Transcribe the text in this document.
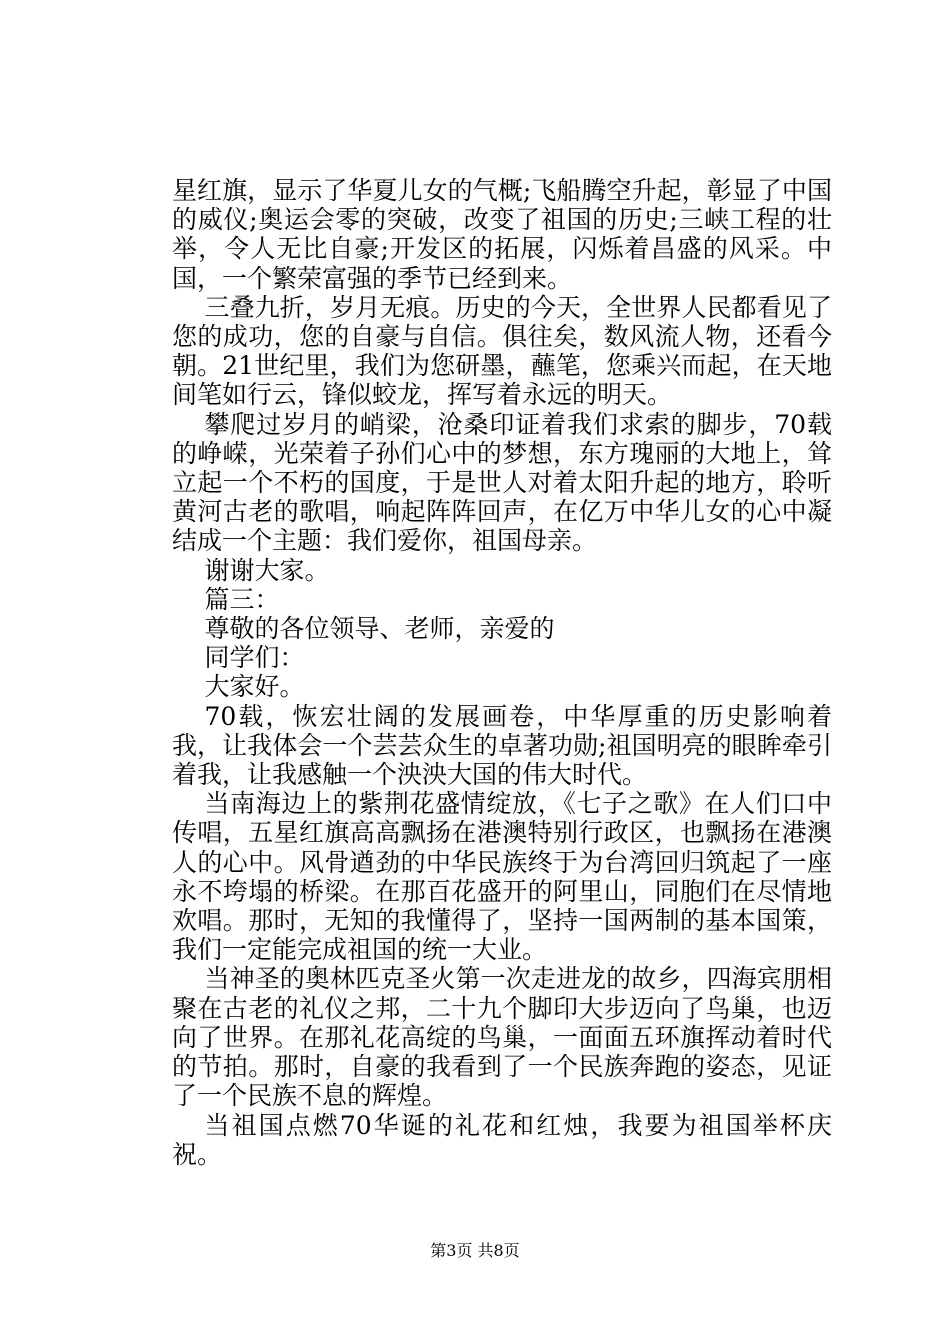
星红旗，显示了华夏儿女的气概;飞船腾空升起，彰显了中国的威仪;奥运会零的突破，改变了祖国的历史;三峡工程的壮举，令人无比自豪;开发区的拓展，闪烁着昌盛的风采。中国，一个繁荣富强的季节已经到来。

三叠九折，岁月无痕。历史的今天，全世界人民都看见了您的成功，您的自豪与自信。俱往矣，数风流人物，还看今朝。21世纪里，我们为您研墨，蘸笔，您乘兴而起，在天地间笔如行云，锋似蛟龙，挥写着永远的明天。

攀爬过岁月的峭梁，沧桑印证着我们求索的脚步，70载的峥嵘，光荣着子孙们心中的梦想，东方瑰丽的大地上，耸立起一个不朽的国度，于是世人对着太阳升起的地方，聆听黄河古老的歌唱，响起阵阵回声，在亿万中华儿女的心中凝结成一个主题：我们爱你，祖国母亲。

谢谢大家。

篇三：

尊敬的各位领导、老师，亲爱的

同学们：

大家好。

70载，恢宏壮阔的发展画卷，中华厚重的历史影响着我，让我体会一个芸芸众生的卓著功勋;祖国明亮的眼眸牵引着我，让我感触一个泱泱大国的伟大时代。

当南海边上的紫荆花盛情绽放，《七子之歌》在人们口中传唱，五星红旗高高飘扬在港澳特别行政区，也飘扬在港澳人的心中。风骨遒劲的中华民族终于为台湾回归筑起了一座永不垮塌的桥梁。在那百花盛开的阿里山，同胞们在尽情地欢唱。那时，无知的我懂得了，坚持一国两制的基本国策，我们一定能完成祖国的统一大业。

当神圣的奥林匹克圣火第一次走进龙的故乡，四海宾朋相聚在古老的礼仪之邦，二十九个脚印大步迈向了鸟巢，也迈向了世界。在那礼花高绽的鸟巢，一面面五环旗挥动着时代的节拍。那时，自豪的我看到了一个民族奔跑的姿态，见证了一个民族不息的辉煌。

当祖国点燃70华诞的礼花和红烛，我要为祖国举杯庆祝。

第3页 共8页
